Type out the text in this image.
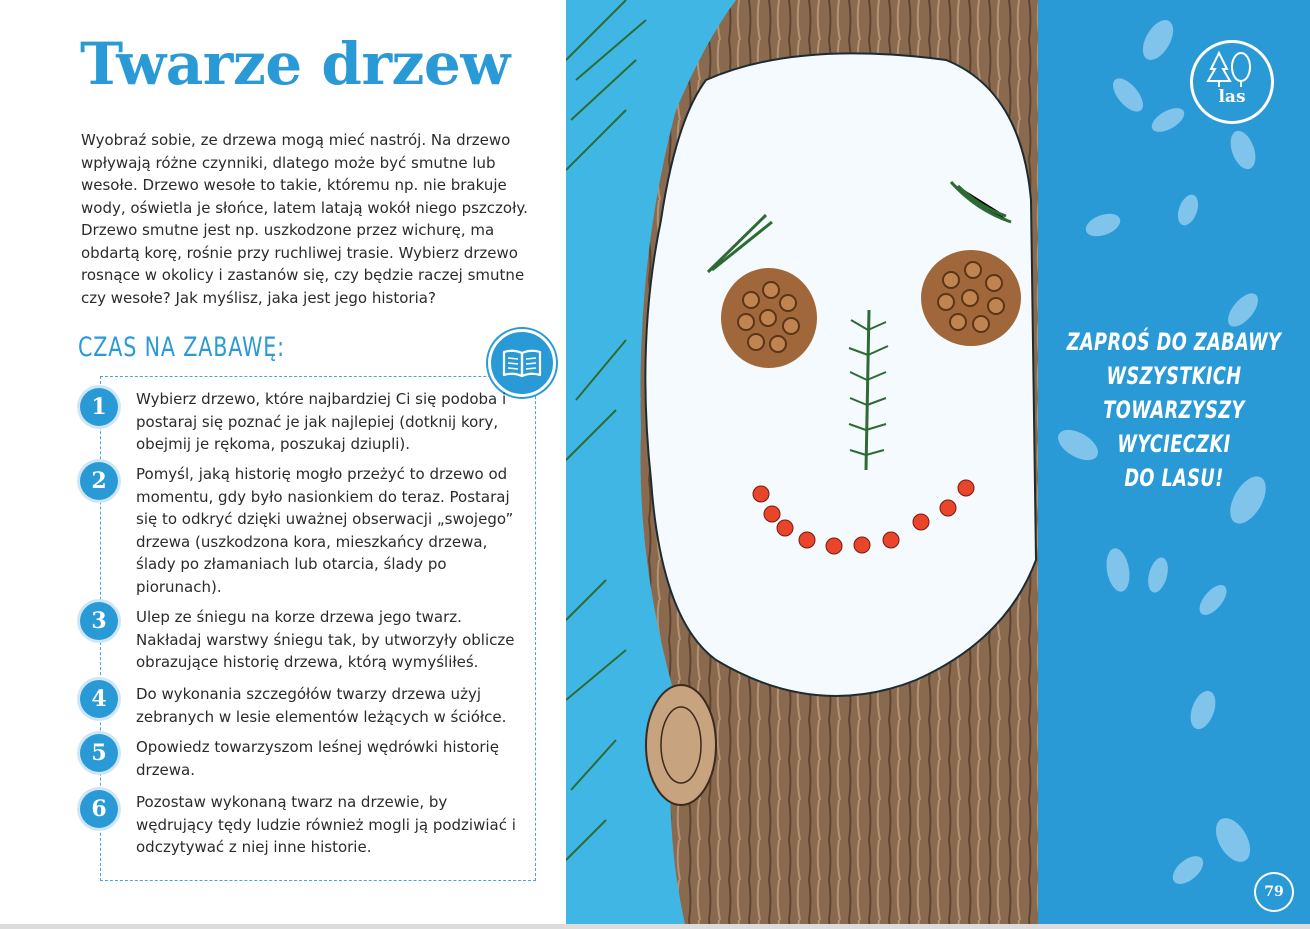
Twarze drzew

Wyobraź sobie, ze drzewa mogą mieć nastrój. Na drzewo wpływają różne czynniki, dlatego może być smutne lub wesołe. Drzewo wesołe to takie, któremu np. nie brakuje wody, oświetla je słońce, latem latają wokół niego pszczoły. Drzewo smutne jest np. uszkodzone przez wichurę, ma obdartą korę, rośnie przy ruchliwej trasie. Wybierz drzewo rosnące w okolicy i zastanów się, czy będzie raczej smutne czy wesołe? Jak myślisz, jaka jest jego historia?

CZAS NA ZABAWĘ:
1	Wybierz drzewo, które najbardziej Ci się podoba i postaraj się poznać je jak najlepiej (dotknij kory, obejmij je rękoma, poszukaj dziupli).

2	Pomyśl, jaką historię mogło przeżyć to drzewo od momentu, gdy było nasionkiem do teraz. Postaraj się to odkryć dzięki uważnej obserwacji „swojego” drzewa (uszkodzona kora, mieszkańcy drzewa, ślady po złamaniach lub otarcia, ślady po piorunach).

3	Ulep ze śniegu na korze drzewa jego twarz. Nakładaj warstwy śniegu tak, by utworzyły oblicze obrazujące historię drzewa, którą wymyśliłeś.

4	Do wykonania szczegółów twarzy drzewa użyj zebranych w lesie elementów leżących w ściółce.

5	Opowiedz towarzyszom leśnej wędrówki historię drzewa.

6	Pozostaw wykonaną twarz na drzewie, by wędrujący tędy ludzie również mogli ją podziwiać i odczytywać z niej inne historie.

las
ZAPROŚ DO ZABAWY
WSZYSTKICH
TOWARZYSZY
WYCIECZKI
DO LASU!
79
